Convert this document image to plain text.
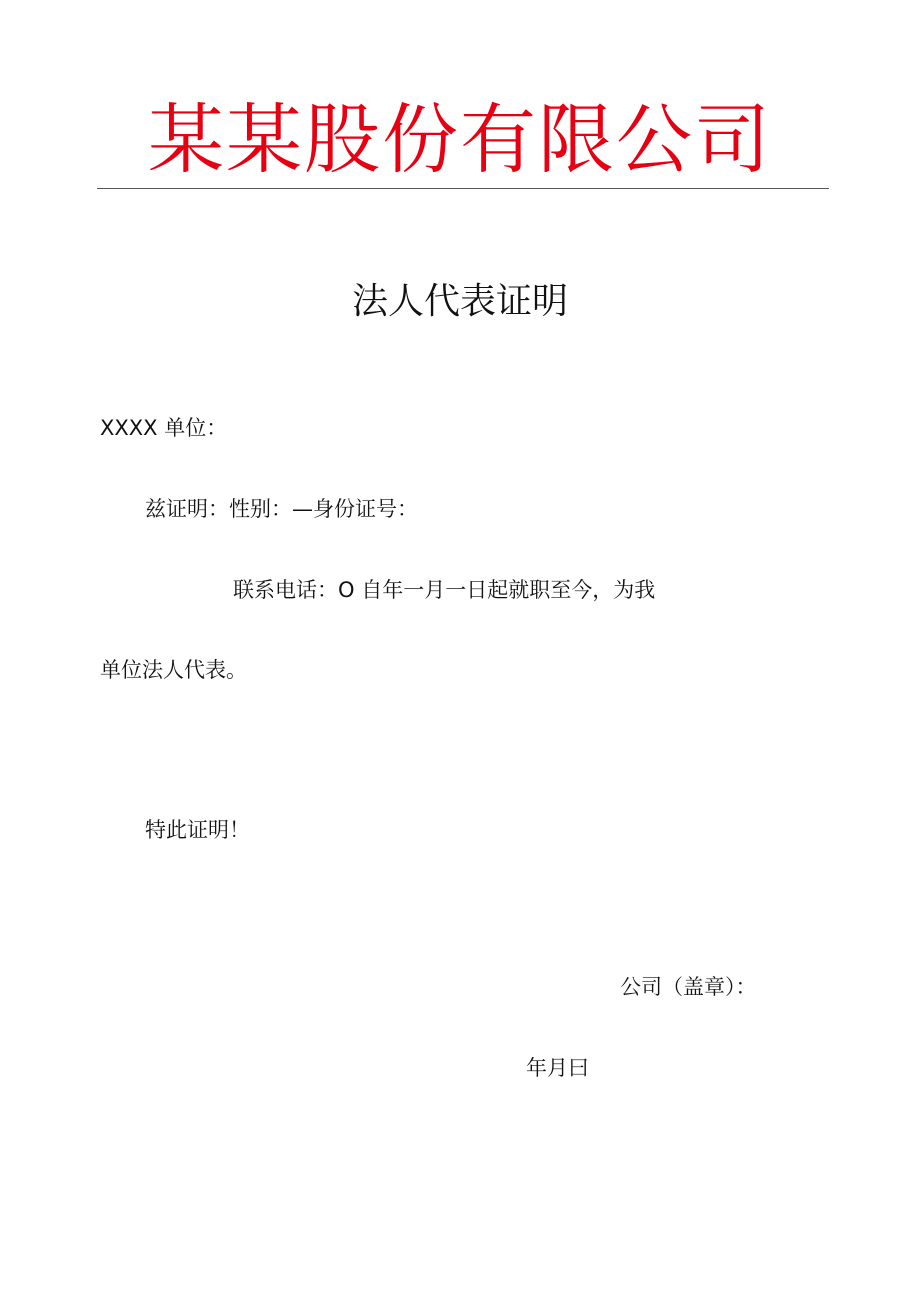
某某股份有限公司
法人代表证明
XXXX 单位：
兹证明：性别：—身份证号：
联系电话：O 自年一月一日起就职至今，为我
单位法人代表。
特此证明！
公司（盖章）：
年月曰
